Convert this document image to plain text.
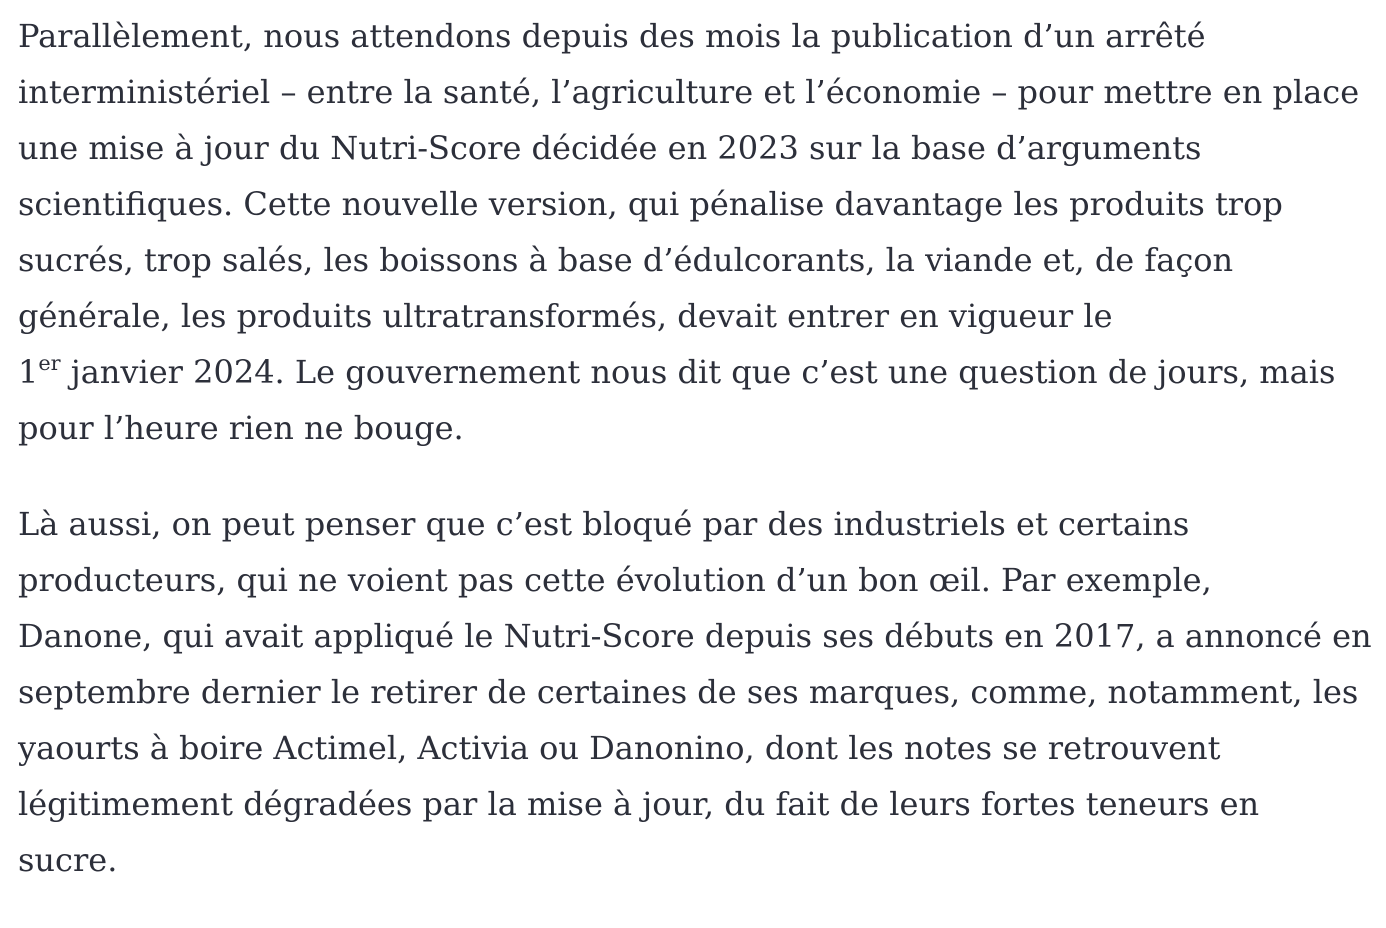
Parallèlement, nous attendons depuis des mois la publication d’un arrêté
interministériel – entre la santé, l’agriculture et l’économie – pour mettre en place
une mise à jour du Nutri-Score décidée en 2023 sur la base d’arguments
scientifiques. Cette nouvelle version, qui pénalise davantage les produits trop
sucrés, trop salés, les boissons à base d’édulcorants, la viande et, de façon
générale, les produits ultratransformés, devait entrer en vigueur le
1er janvier 2024. Le gouvernement nous dit que c’est une question de jours, mais
pour l’heure rien ne bouge.

Là aussi, on peut penser que c’est bloqué par des industriels et certains
producteurs, qui ne voient pas cette évolution d’un bon œil. Par exemple,
Danone, qui avait appliqué le Nutri-Score depuis ses débuts en 2017, a annoncé en
septembre dernier le retirer de certaines de ses marques, comme, notamment, les
yaourts à boire Actimel, Activia ou Danonino, dont les notes se retrouvent
légitimement dégradées par la mise à jour, du fait de leurs fortes teneurs en
sucre.
